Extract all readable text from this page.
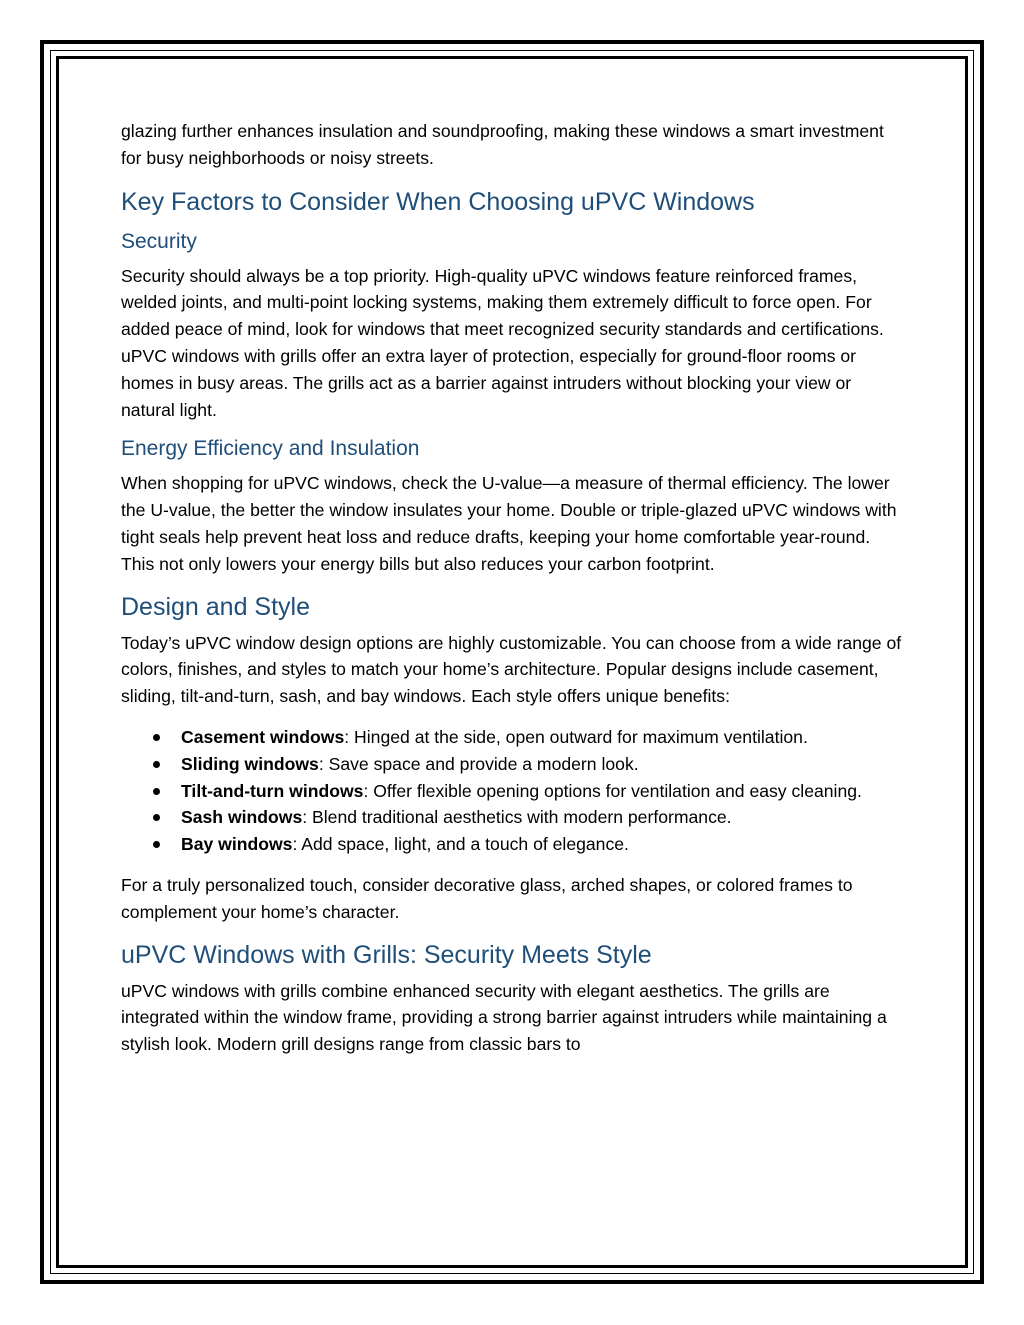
glazing further enhances insulation and soundproofing, making these windows a smart investment for busy neighborhoods or noisy streets.

Key Factors to Consider When Choosing uPVC Windows
Security

Security should always be a top priority. High-quality uPVC windows feature reinforced frames, welded joints, and multi-point locking systems, making them extremely difficult to force open. For added peace of mind, look for windows that meet recognized security standards and certifications. uPVC windows with grills offer an extra layer of protection, especially for ground-floor rooms or homes in busy areas. The grills act as a barrier against intruders without blocking your view or natural light.

Energy Efficiency and Insulation

When shopping for uPVC windows, check the U-value—a measure of thermal efficiency. The lower the U-value, the better the window insulates your home. Double or triple-glazed uPVC windows with tight seals help prevent heat loss and reduce drafts, keeping your home comfortable year-round. This not only lowers your energy bills but also reduces your carbon footprint.

Design and Style

Today’s uPVC window design options are highly customizable. You can choose from a wide range of colors, finishes, and styles to match your home’s architecture. Popular designs include casement, sliding, tilt-and-turn, sash, and bay windows. Each style offers unique benefits:

Casement windows: Hinged at the side, open outward for maximum ventilation.
Sliding windows: Save space and provide a modern look.
Tilt-and-turn windows: Offer flexible opening options for ventilation and easy cleaning.
Sash windows: Blend traditional aesthetics with modern performance.
Bay windows: Add space, light, and a touch of elegance.

For a truly personalized touch, consider decorative glass, arched shapes, or colored frames to complement your home’s character.

uPVC Windows with Grills: Security Meets Style

uPVC windows with grills combine enhanced security with elegant aesthetics. The grills are integrated within the window frame, providing a strong barrier against intruders while maintaining a stylish look. Modern grill designs range from classic bars to
